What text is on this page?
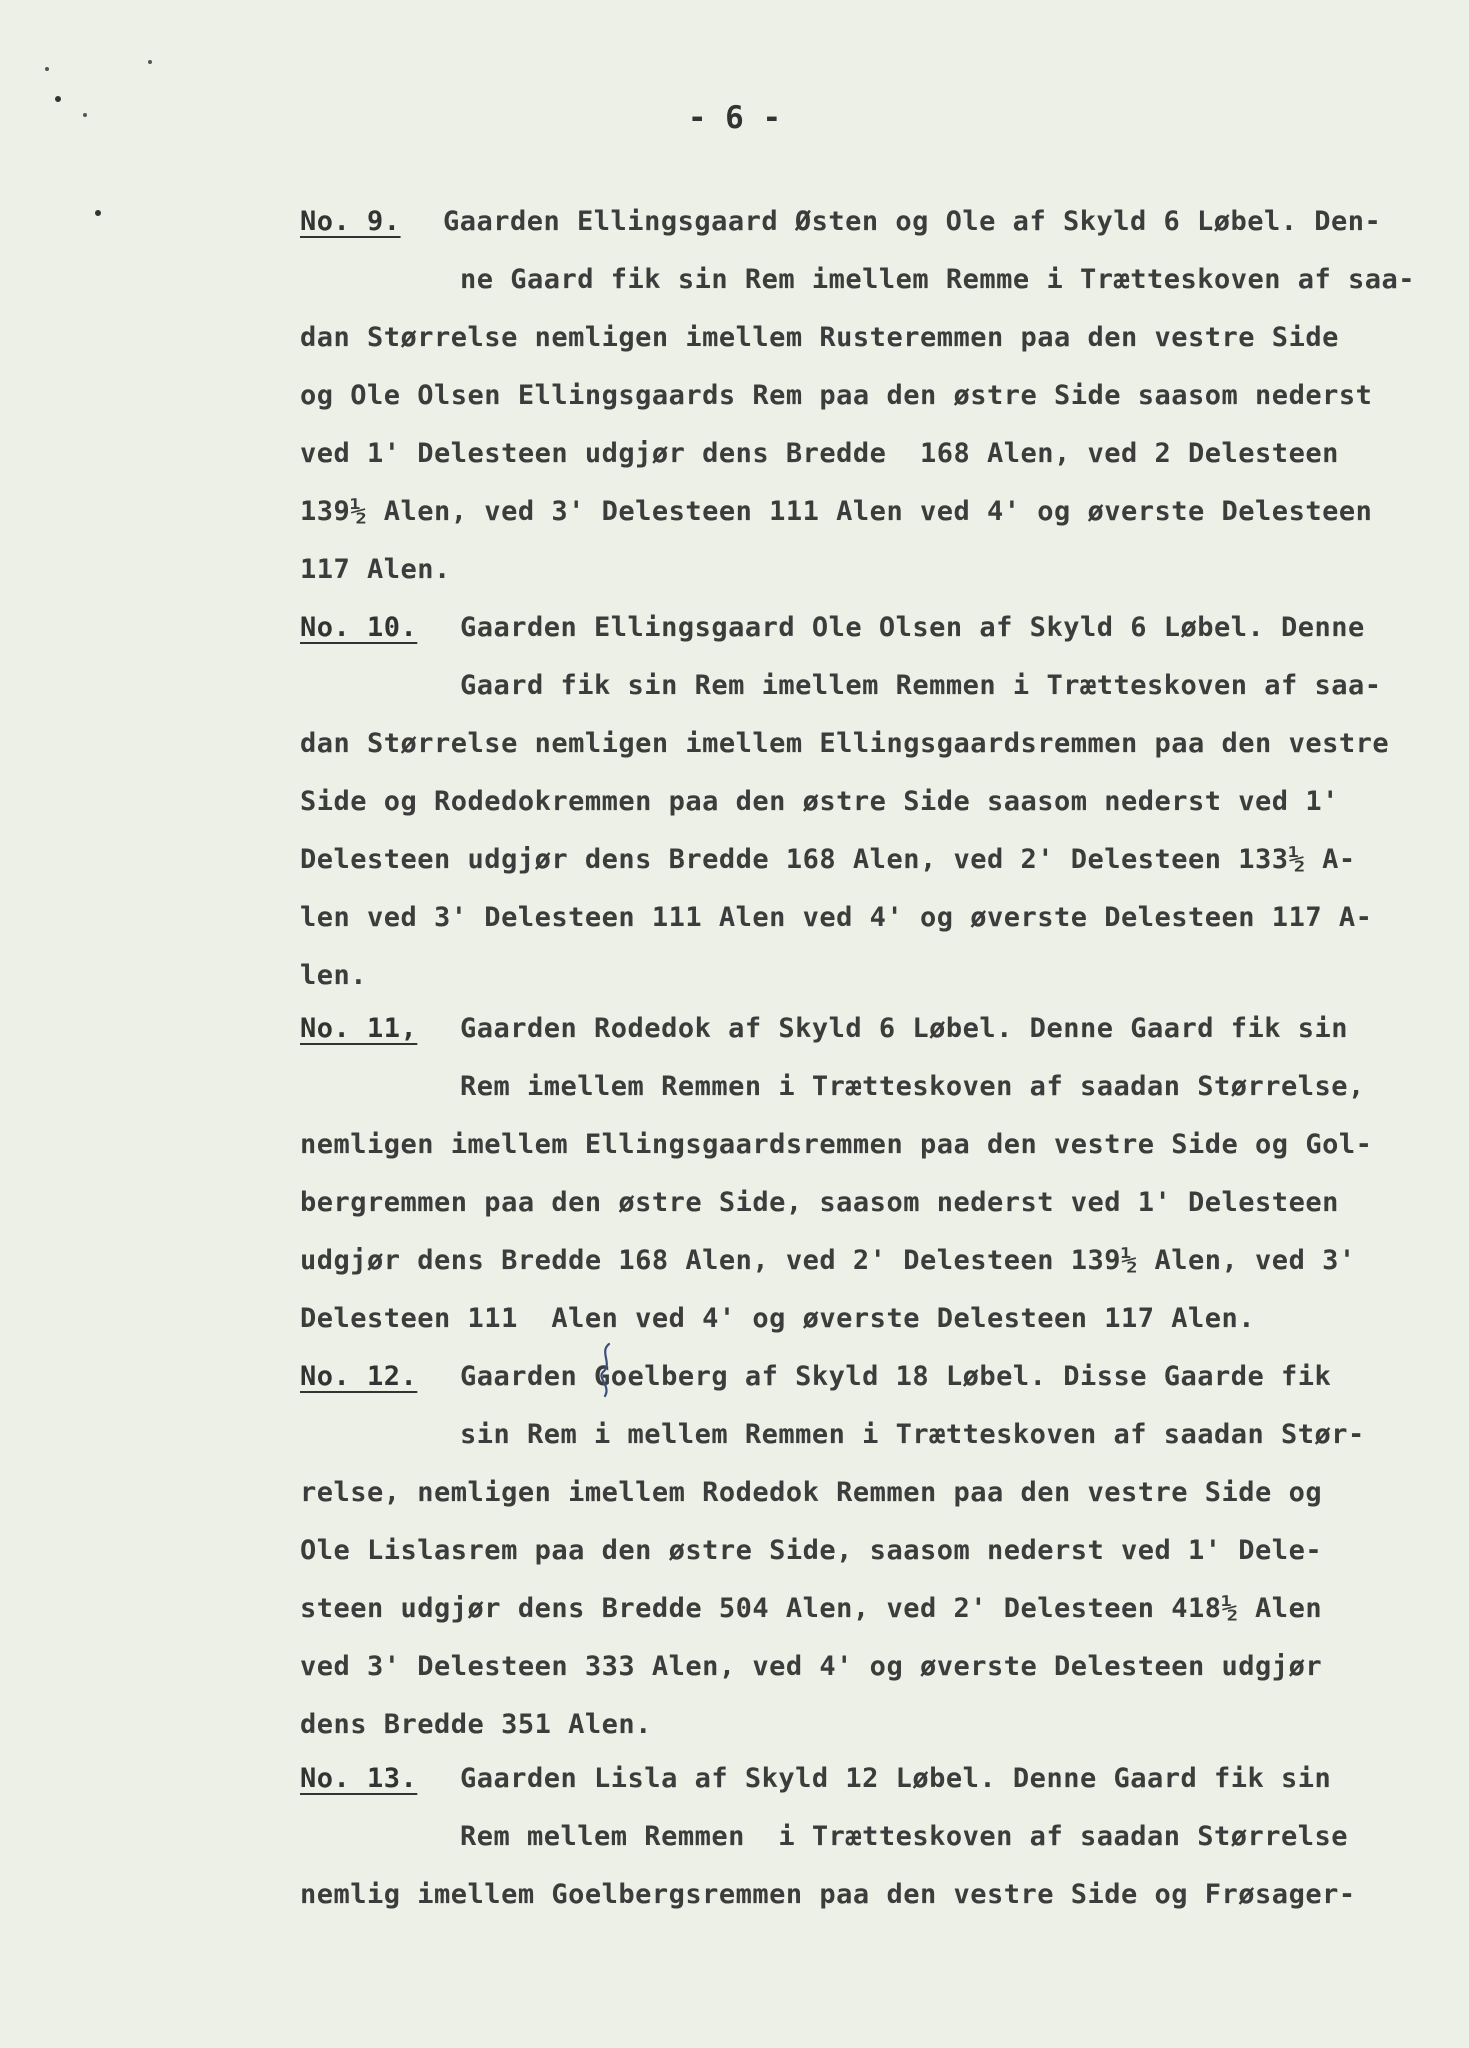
- 6 -
No. 9. Gaarden Ellingsgaard Østen og Ole af Skyld 6 Løbel. Den-
ne Gaard fik sin Rem imellem Remme i Trætteskoven af saa-
dan Størrelse nemligen imellem Rusteremmen paa den vestre Side
og Ole Olsen Ellingsgaards Rem paa den østre Side saasom nederst
ved 1' Delesteen udgjør dens Bredde  168 Alen, ved 2 Delesteen
139½ Alen, ved 3' Delesteen 111 Alen ved 4' og øverste Delesteen
117 Alen.
No. 10. Gaarden Ellingsgaard Ole Olsen af Skyld 6 Løbel. Denne
Gaard fik sin Rem imellem Remmen i Trætteskoven af saa-
dan Størrelse nemligen imellem Ellingsgaardsremmen paa den vestre
Side og Rodedokremmen paa den østre Side saasom nederst ved 1'
Delesteen udgjør dens Bredde 168 Alen, ved 2' Delesteen 133½ A-
len ved 3' Delesteen 111 Alen ved 4' og øverste Delesteen 117 A-
len.
No. 11, Gaarden Rodedok af Skyld 6 Løbel. Denne Gaard fik sin
Rem imellem Remmen i Trætteskoven af saadan Størrelse,
nemligen imellem Ellingsgaardsremmen paa den vestre Side og Gol-
bergremmen paa den østre Side, saasom nederst ved 1' Delesteen
udgjør dens Bredde 168 Alen, ved 2' Delesteen 139½ Alen, ved 3'
Delesteen 111  Alen ved 4' og øverste Delesteen 117 Alen.
No. 12. Gaarden Goelberg af Skyld 18 Løbel. Disse Gaarde fik
sin Rem i mellem Remmen i Trætteskoven af saadan Stør-
relse, nemligen imellem Rodedok Remmen paa den vestre Side og
Ole Lislasrem paa den østre Side, saasom nederst ved 1' Dele-
steen udgjør dens Bredde 504 Alen, ved 2' Delesteen 418½ Alen
ved 3' Delesteen 333 Alen, ved 4' og øverste Delesteen udgjør
dens Bredde 351 Alen.
No. 13. Gaarden Lisla af Skyld 12 Løbel. Denne Gaard fik sin
Rem mellem Remmen  i Trætteskoven af saadan Størrelse
nemlig imellem Goelbergsremmen paa den vestre Side og Frøsager-
